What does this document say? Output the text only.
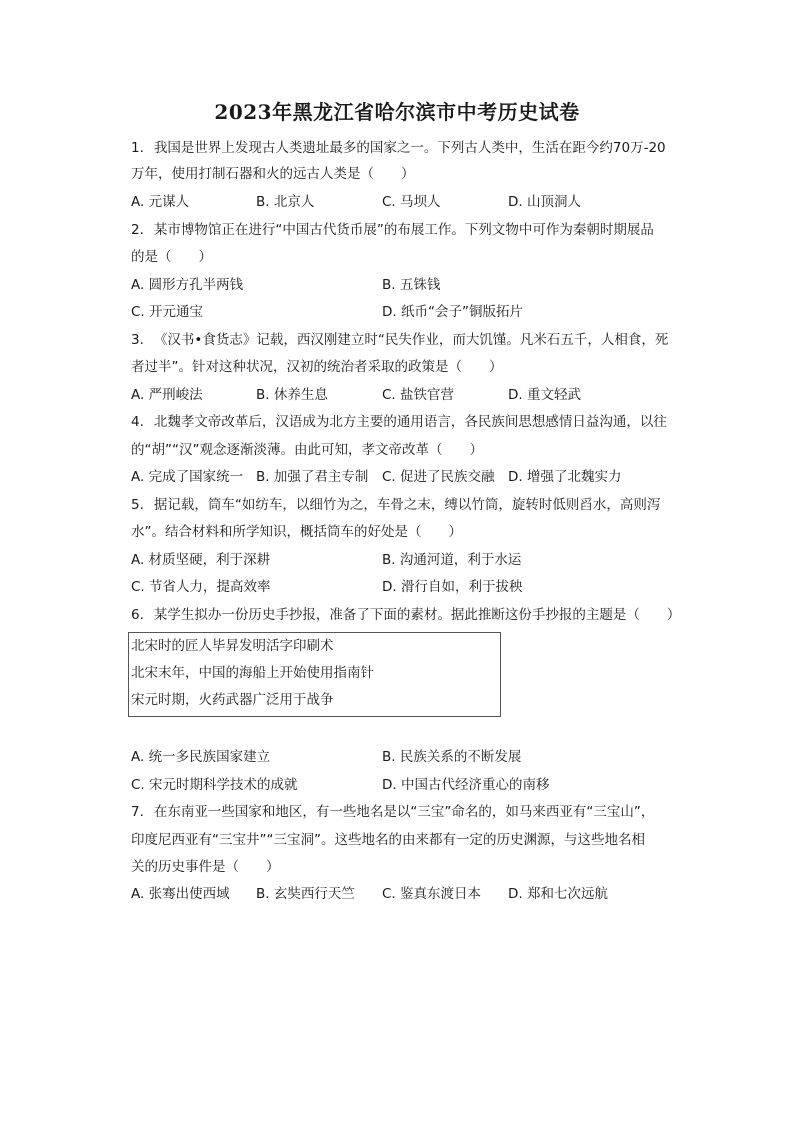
2023年黑龙江省哈尔滨市中考历史试卷
1. 我国是世界上发现古人类遗址最多的国家之一。下列古人类中，生活在距今约70万-20
万年，使用打制石器和火的远古人类是（　　）
A. 元谋人	B. 北京人	C. 马坝人	D. 山顶洞人
2. 某市博物馆正在进行“中国古代货币展”的布展工作。下列文物中可作为秦朝时期展品
的是（　　）
A. 圆形方孔半两钱	B. 五铢钱
C. 开元通宝	D. 纸币“会子”铜版拓片
3. 《汉书•食货志》记载，西汉刚建立时“民失作业，而大饥馑。凡米石五千，人相食，死
者过半”。针对这种状况，汉初的统治者采取的政策是（　　）
A. 严刑峻法	B. 休养生息	C. 盐铁官营	D. 重文轻武
4. 北魏孝文帝改革后，汉语成为北方主要的通用语言，各民族间思想感情日益沟通，以往
的“胡”“汉”观念逐渐淡薄。由此可知，孝文帝改革（　　）
A. 完成了国家统一 B. 加强了君主专制 C. 促进了民族交融 D. 增强了北魏实力
5. 据记载，筒车“如纺车，以细竹为之，车骨之末，缚以竹筒，旋转时低则舀水，高则泻
水”。结合材料和所学知识，概括筒车的好处是（　　）
A. 材质坚硬，利于深耕	B. 沟通河道，利于水运
C. 节省人力，提高效率	D. 滑行自如，利于拔秧
6. 某学生拟办一份历史手抄报，准备了下面的素材。据此推断这份手抄报的主题是（　　）
北宋时的匠人毕昇发明活字印刷术
北宋末年，中国的海船上开始使用指南针
宋元时期，火药武器广泛用于战争
A. 统一多民族国家建立	B. 民族关系的不断发展
C. 宋元时期科学技术的成就	D. 中国古代经济重心的南移
7. 在东南亚一些国家和地区，有一些地名是以“三宝”命名的，如马来西亚有“三宝山”，
印度尼西亚有“三宝井”“三宝洞”。这些地名的由来都有一定的历史渊源，与这些地名相
关的历史事件是（　　）
A. 张骞出使西域 B. 玄奘西行天竺 C. 鉴真东渡日本 D. 郑和七次远航
